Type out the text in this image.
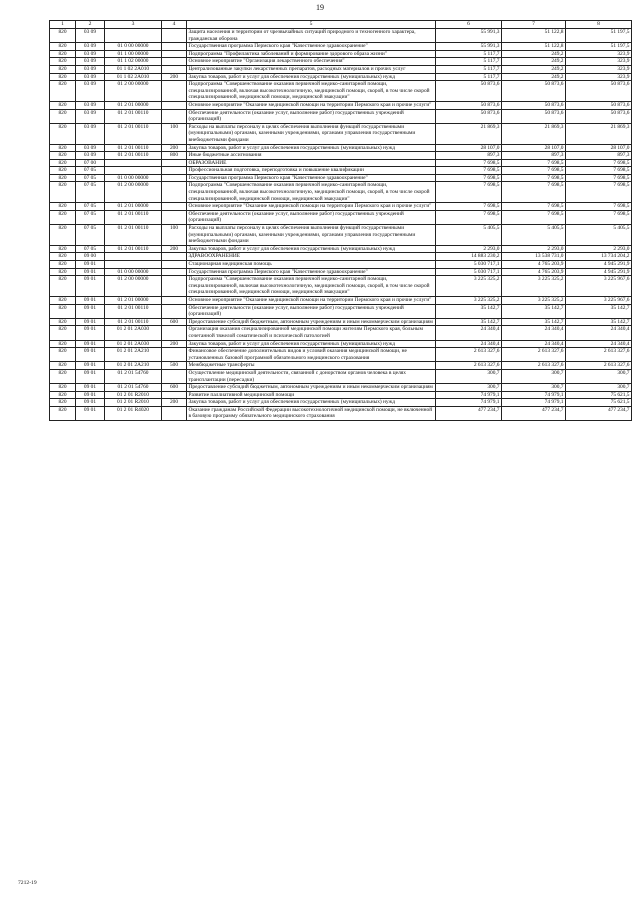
19
1	2	3	4	5	6	7	8
820	03 09			Защита населения и территории от чрезвычайных ситуаций природного и техногенного характера, гражданская оборона	55 991,3	51 122,8	51 197,5
820	03 09	01 0 00 00000		Государственная программа Пермского края "Качественное здравоохранение"	55 991,3	51 122,8	51 197,5
820	03 09	01 1 00 00000		Подпрограмма "Профилактика заболеваний и формирование здорового образа жизни"	5 117,7	249,2	323,9
820	03 09	01 1 02 00000		Основное мероприятие "Организация лекарственного обеспечения"	5 117,7	249,2	323,9
820	03 09	01 1 02 2A010		Централизованные закупки лекарственных препаратов, расходных материалов и прочих услуг	5 117,7	249,2	323,9
820	03 09	01 1 02 2A010	200	Закупка товаров, работ и услуг для обеспечения государственных (муниципальных) нужд	5 117,7	249,2	323,9
820	03 09	01 2 00 00000		Подпрограмма "Совершенствование оказания первичной медико-санитарной помощи, специализированной, включая высокотехнологичную, медицинской помощи, скорой, в том числе скорой специализированной, медицинской помощи, медицинской эвакуации"	50 873,6	50 873,6	50 873,6
820	03 09	01 2 01 00000		Основное мероприятие "Оказание медицинской помощи на территории Пермского края и прочие услуги"	50 873,6	50 873,6	50 873,6
820	03 09	01 2 01 00110		Обеспечение деятельности (оказание услуг, выполнение работ) государственных учреждений (организаций)	50 873,6	50 873,6	50 873,6
820	03 09	01 2 01 00110	100	Расходы на выплаты персоналу в целях обеспечения выполнения функций государственными (муниципальными) органами, казенными учреждениями, органами управления государственными внебюджетными фондами	21 869,3	21 869,3	21 869,3
820	03 09	01 2 01 00110	200	Закупка товаров, работ и услуг для обеспечения государственных (муниципальных) нужд	28 107,0	28 107,0	28 107,0
820	03 09	01 2 01 00110	800	Иные бюджетные ассигнования	897,3	897,3	897,3
820	07 00			ОБРАЗОВАНИЕ	7 698,5	7 698,5	7 698,5
820	07 05			Профессиональная подготовка, переподготовка и повышение квалификации	7 698,5	7 698,5	7 698,5
820	07 05	01 0 00 00000		Государственная программа Пермского края "Качественное здравоохранение"	7 698,5	7 698,5	7 698,5
820	07 05	01 2 00 00000		Подпрограмма "Совершенствование оказания первичной медико-санитарной помощи, специализированной, включая высокотехнологичную, медицинской помощи, скорой, в том числе скорой специализированной, медицинской помощи, медицинской эвакуации"	7 698,5	7 698,5	7 698,5
820	07 05	01 2 01 00000		Основное мероприятие "Оказание медицинской помощи на территории Пермского края и прочие услуги"	7 698,5	7 698,5	7 698,5
820	07 05	01 2 01 00110		Обеспечение деятельности (оказание услуг, выполнение работ) государственных учреждений (организаций)	7 698,5	7 698,5	7 698,5
820	07 05	01 2 01 00110	100	Расходы на выплаты персоналу в целях обеспечения выполнения функций государственными (муниципальными) органами, казенными учреждениями, органами управления государственными внебюджетными фондами	5 405,5	5 405,5	5 405,5
820	07 05	01 2 01 00110	200	Закупка товаров, работ и услуг для обеспечения государственных (муниципальных) нужд	2 293,0	2 293,0	2 293,0
820	09 00			ЗДРАВООХРАНЕНИЕ	14 883 230,2	13 538 731,0	13 734 204,2
820	09 01			Стационарная медицинская помощь	5 030 717,1	4 765 203,9	4 945 291,9
820	09 01	01 0 00 00000		Государственная программа Пермского края "Качественное здравоохранение"	5 030 717,1	4 765 203,9	4 945 291,9
820	09 01	01 2 00 00000		Подпрограмма "Совершенствование оказания первичной медико-санитарной помощи, специализированной, включая высокотехнологичную, медицинской помощи, скорой, в том числе скорой специализированной, медицинской помощи, медицинской эвакуации"	3 225 325,2	3 225 325,2	3 225 967,6
820	09 01	01 2 01 00000		Основное мероприятие "Оказание медицинской помощи на территории Пермского края и прочие услуги"	3 225 325,2	3 225 325,2	3 225 967,6
820	09 01	01 2 01 00110		Обеспечение деятельности (оказание услуг, выполнение работ) государственных учреждений (организаций)	35 142,7	35 142,7	35 142,7
820	09 01	01 2 01 00110	600	Предоставление субсидий бюджетным, автономным учреждениям и иным некоммерческим организациям	35 142,7	35 142,7	35 142,7
820	09 01	01 2 01 2A030		Организация оказания специализированной медицинской помощи жителям Пермского края, больным сочетанной тяжелой соматической и психической патологией	24 340,4	24 340,4	24 340,4
820	09 01	01 2 01 2A030	200	Закупка товаров, работ и услуг для обеспечения государственных (муниципальных) нужд	24 340,4	24 340,4	24 340,4
820	09 01	01 2 01 2A210		Финансовое обеспечение дополнительных видов и условий оказания медицинской помощи, не установленных базовой программой обязательного медицинского страхования	2 613 327,6	2 613 327,6	2 613 327,6
820	09 01	01 2 01 2A210	500	Межбюджетные трансферты	2 613 327,6	2 613 327,6	2 613 327,6
820	09 01	01 2 01 54760		Осуществление медицинской деятельности, связанной с донорством органов человека в целях трансплантации (пересадки)	300,7	300,7	300,7
820	09 01	01 2 01 54760	600	Предоставление субсидий бюджетным, автономным учреждениям и иным некоммерческим организациям	300,7	300,7	300,7
820	09 01	01 2 01 R2010		Развитие паллиативной медицинской помощи	74 979,1	74 979,1	75 621,5
820	09 01	01 2 01 R2010	200	Закупка товаров, работ и услуг для обеспечения государственных (муниципальных) нужд	74 979,1	74 979,1	75 621,5
820	09 01	01 2 01 R4020		Оказание гражданам Российской Федерации высокотехнологичной медицинской помощи, не включенной в базовую программу обязательного медицинского страхования	477 234,7	477 234,7	477 234,7
7212-19
